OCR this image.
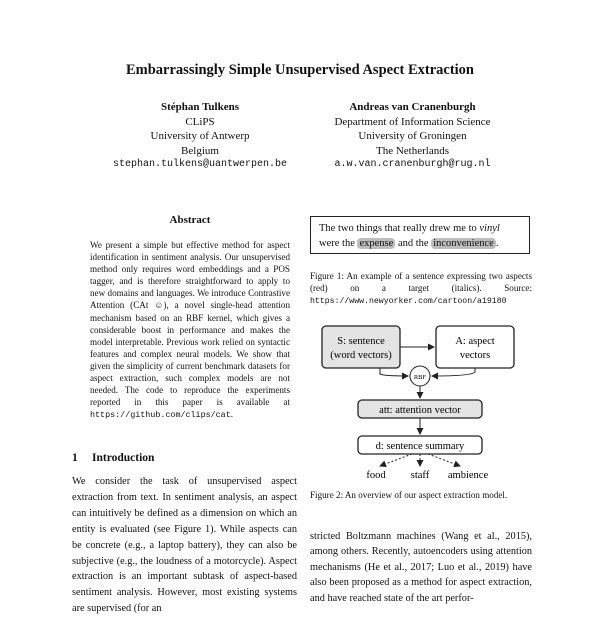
Embarrassingly Simple Unsupervised Aspect Extraction
Stéphan Tulkens
CLiPS
University of Antwerp
Belgium
stephan.tulkens@uantwerpen.be
Andreas van Cranenburgh
Department of Information Science
University of Groningen
The Netherlands
a.w.van.cranenburgh@rug.nl
Abstract
We present a simple but effective method for aspect identification in sentiment analysis. Our unsupervised method only requires word embeddings and a POS tagger, and is therefore straightforward to apply to new domains and languages. We introduce Contrastive Attention (CAt ☺), a novel single-head attention mechanism based on an RBF kernel, which gives a considerable boost in performance and makes the model interpretable. Previous work relied on syntactic features and complex neural models. We show that given the simplicity of current benchmark datasets for aspect extraction, such complex models are not needed. The code to reproduce the experiments reported in this paper is available at https://github.com/clips/cat.
1 Introduction
We consider the task of unsupervised aspect extraction from text. In sentiment analysis, an aspect can intuitively be defined as a dimension on which an entity is evaluated (see Figure 1). While aspects can be concrete (e.g., a laptop battery), they can also be subjective (e.g., the loudness of a motorcycle). Aspect extraction is an important subtask of aspect-based sentiment analysis. However, most existing systems are supervised (for an
The two things that really drew me to vinyl
were the expense and the inconvenience .
Figure 1: An example of a sentence expressing two aspects (red) on a target (italics). Source: https://www.newyorker.com/cartoon/a19180
S: sentence
(word vectors)
A: aspect
vectors
RBF
att: attention vector
d: sentence summary
food staff ambience
Figure 2: An overview of our aspect extraction model.
stricted Boltzmann machines (Wang et al., 2015), among others. Recently, autoencoders using attention mechanisms (He et al., 2017; Luo et al., 2019) have also been proposed as a method for aspect extraction, and have reached state of the art perfor-
